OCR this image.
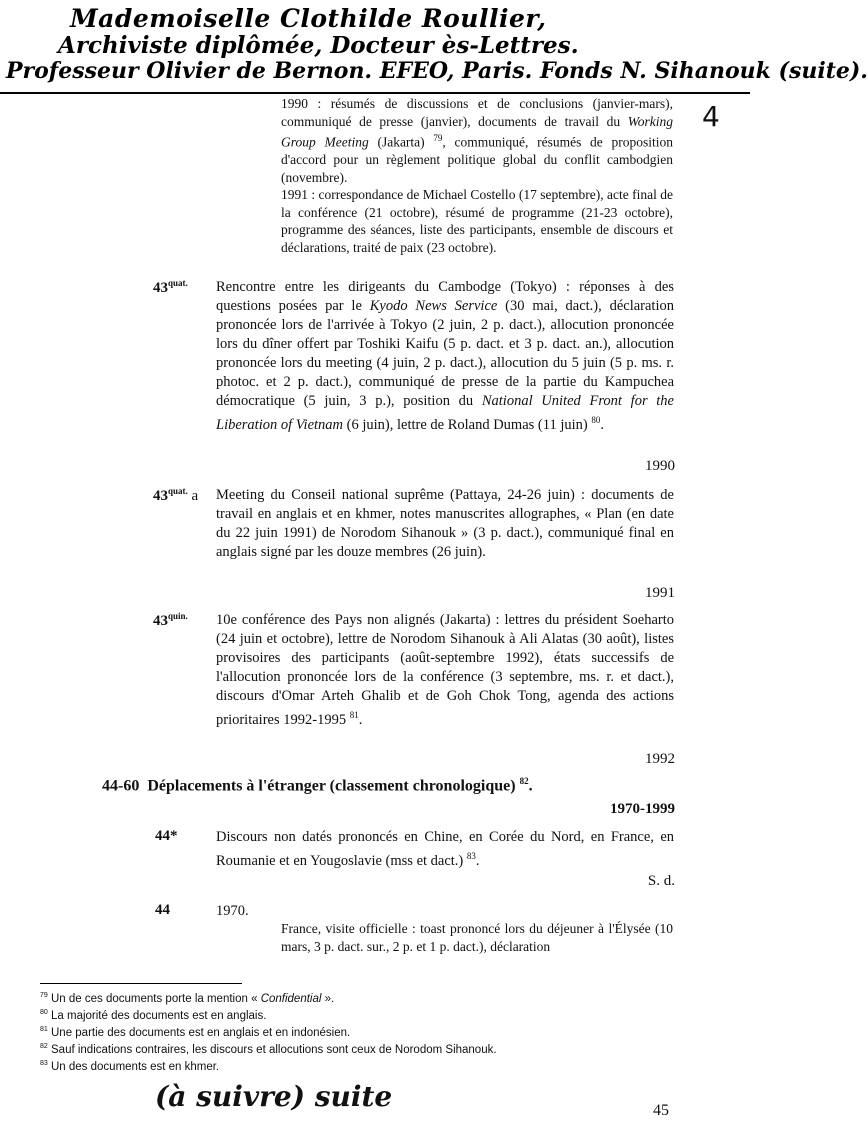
Mademoiselle Clothilde Roullier,
Archiviste diplômée, Docteur ès-Lettres.
Professeur Olivier de Bernon. EFEO, Paris. Fonds N. Sihanouk (suite).
4

1990 : résumés de discussions et de conclusions (janvier-mars), communiqué de presse (janvier), documents de travail du Working Group Meeting (Jakarta) $^{79}$, communiqué, résumés de proposition d'accord pour un règlement politique global du conflit cambodgien (novembre).

1991 : correspondance de Michael Costello (17 septembre), acte final de la conférence (21 octobre), résumé de programme (21-23 octobre), programme des séances, liste des participants, ensemble de discours et déclarations, traité de paix (23 octobre).

$43^{quat.}$ Rencontre entre les dirigeants du Cambodge (Tokyo) : réponses à des questions posées par le Kyodo News Service (30 mai, dact.), déclaration prononcée lors de l'arrivée à Tokyo (2 juin, 2 p. dact.), allocution prononcée lors du dîner offert par Toshiki Kaifu (5 p. dact. et 3 p. dact. an.), allocution prononcée lors du meeting (4 juin, 2 p. dact.), allocution du 5 juin (5 p. ms. r. photoc. et 2 p. dact.), communiqué de presse de la partie du Kampuchea démocratique (5 juin, 3 p.), position du National United Front for the Liberation of Vietnam (6 juin), lettre de Roland Dumas (11 juin) $^{80}$.

1990
$43^{quat.}$ a Meeting du Conseil national suprême (Pattaya, 24-26 juin) : documents de travail en anglais et en khmer, notes manuscrites allographes, « Plan (en date du 22 juin 1991) de Norodom Sihanouk » (3 p. dact.), communiqué final en anglais signé par les douze membres (26 juin).

1991
$43^{quin.}$ 10e conférence des Pays non alignés (Jakarta) : lettres du président Soeharto (24 juin et octobre), lettre de Norodom Sihanouk à Ali Alatas (30 août), listes provisoires des participants (août-septembre 1992), états successifs de l'allocution prononcée lors de la conférence (3 septembre, ms. r. et dact.), discours d'Omar Arteh Ghalib et de Goh Chok Tong, agenda des actions prioritaires 1992-1995 $^{81}$.

1992
44-60 Déplacements à l'étranger (classement chronologique) $^{82}$.
1970-1999
44*	Discours non datés prononcés en Chine, en Corée du Nord, en France, en Roumanie et en Yougoslavie (mss et dact.) $^{83}$.

S. d.
44	1970.

France, visite officielle : toast prononcé lors du déjeuner à l'Élysée (10 mars, 3 p. dact. sur., 2 p. et 1 p. dact.), déclaration

$^{79}$ Un de ces documents porte la mention « Confidential ».
$^{80}$ La majorité des documents est en anglais.
$^{81}$ Une partie des documents est en anglais et en indonésien.
$^{82}$ Sauf indications contraires, les discours et allocutions sont ceux de Norodom Sihanouk.
$^{83}$ Un des documents est en khmer.
(à suivre) suite	45
